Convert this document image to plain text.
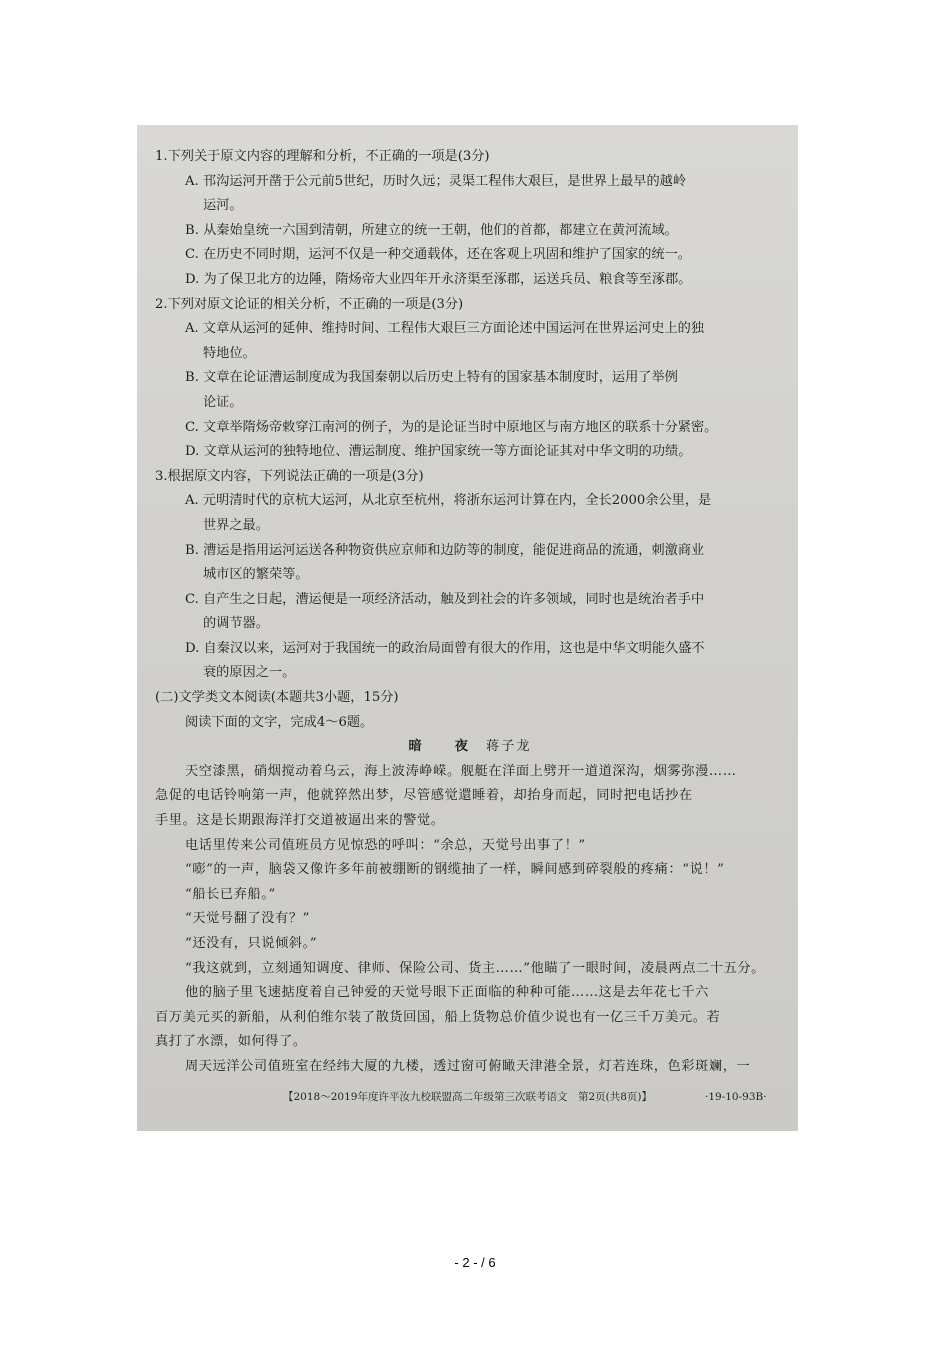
1.下列关于原文内容的理解和分析，不正确的一项是(3分)
A. 邗沟运河开凿于公元前5世纪，历时久远；灵渠工程伟大艰巨，是世界上最早的越岭
运河。
B. 从秦始皇统一六国到清朝，所建立的统一王朝，他们的首都，都建立在黄河流域。
C. 在历史不同时期，运河不仅是一种交通载体，还在客观上巩固和维护了国家的统一。
D. 为了保卫北方的边陲，隋炀帝大业四年开永济渠至涿郡，运送兵员、粮食等至涿郡。
2.下列对原文论证的相关分析，不正确的一项是(3分)
A. 文章从运河的延伸、维持时间、工程伟大艰巨三方面论述中国运河在世界运河史上的独
特地位。
B. 文章在论证漕运制度成为我国秦朝以后历史上特有的国家基本制度时，运用了举例
论证。
C. 文章举隋炀帝敕穿江南河的例子，为的是论证当时中原地区与南方地区的联系十分紧密。
D. 文章从运河的独特地位、漕运制度、维护国家统一等方面论证其对中华文明的功绩。
3.根据原文内容，下列说法正确的一项是(3分)
A. 元明清时代的京杭大运河，从北京至杭州，将浙东运河计算在内，全长2000余公里，是
世界之最。
B. 漕运是指用运河运送各种物资供应京师和边防等的制度，能促进商品的流通，刺激商业
城市区的繁荣等。
C. 自产生之日起，漕运便是一项经济活动，触及到社会的许多领域，同时也是统治者手中
的调节器。
D. 自秦汉以来，运河对于我国统一的政治局面曾有很大的作用，这也是中华文明能久盛不
衰的原因之一。
(二)文学类文本阅读(本题共3小题，15分)
阅读下面的文字，完成4～6题。
暗　夜 蒋子龙
天空漆黑，硝烟搅动着乌云，海上波涛峥嵘。舰艇在洋面上劈开一道道深沟，烟雾弥漫……
急促的电话铃响第一声，他就猝然出梦，尽管感觉還睡着，却抬身而起，同时把电话抄在
手里。这是长期跟海洋打交道被逼出来的警觉。
电话里传来公司值班员方见惊恐的呼叫：“余总，天觉号出事了！”
“嘭”的一声，脑袋又像许多年前被绷断的钢缆抽了一样，瞬间感到碎裂般的疼痛：“说！”
“船长已弃船。”
“天觉号翻了没有？”
“还没有，只说倾斜。”
“我这就到，立刻通知调度、律师、保险公司、货主……”他瞄了一眼时间，凌晨两点二十五分。
他的脑子里飞速掂度着自己钟爱的天觉号眼下正面临的种种可能……这是去年花七千六
百万美元买的新船，从利伯维尔装了散货回国，船上货物总价值少说也有一亿三千万美元。若
真打了水漂，如何得了。
周天远洋公司值班室在经纬大厦的九楼，透过窗可俯瞰天津港全景，灯若连珠，色彩斑斓，一
【2018～2019年度许平汝九校联盟高二年级第三次联考语文　第2页(共8页)】	·19-10-93B·
- 2 - / 6
